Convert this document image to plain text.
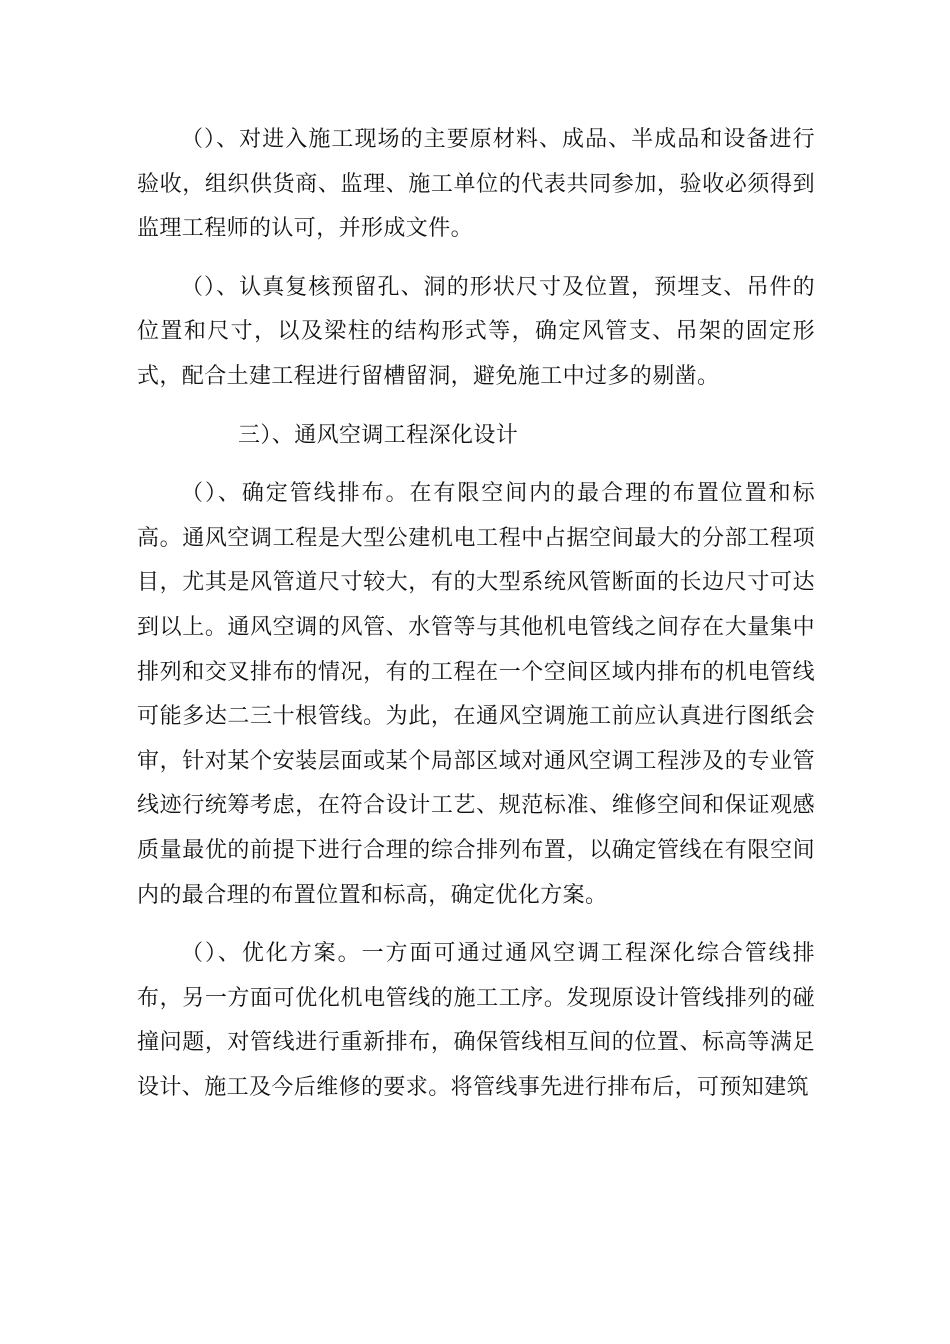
（）、对进入施工现场的主要原材料、成品、半成品和设备进行验收，组织供货商、监理、施工单位的代表共同参加，验收必须得到监理工程师的认可，并形成文件。

（）、认真复核预留孔、洞的形状尺寸及位置，预埋支、吊件的位置和尺寸，以及梁柱的结构形式等，确定风管支、吊架的固定形式，配合土建工程进行留槽留洞，避免施工中过多的剔凿。

三）、通风空调工程深化设计

（）、确定管线排布。在有限空间内的最合理的布置位置和标高。通风空调工程是大型公建机电工程中占据空间最大的分部工程项目，尤其是风管道尺寸较大，有的大型系统风管断面的长边尺寸可达到以上。通风空调的风管、水管等与其他机电管线之间存在大量集中排列和交叉排布的情况，有的工程在一个空间区域内排布的机电管线可能多达二三十根管线。为此，在通风空调施工前应认真进行图纸会审，针对某个安装层面或某个局部区域对通风空调工程涉及的专业管线迹行统筹考虑，在符合设计工艺、规范标准、维修空间和保证观感质量最优的前提下进行合理的综合排列布置，以确定管线在有限空间内的最合理的布置位置和标高，确定优化方案。

（）、优化方案。一方面可通过通风空调工程深化综合管线排布，另一方面可优化机电管线的施工工序。发现原设计管线排列的碰撞问题，对管线进行重新排布，确保管线相互间的位置、标高等满足设计、施工及今后维修的要求。将管线事先进行排布后，可预知建筑
